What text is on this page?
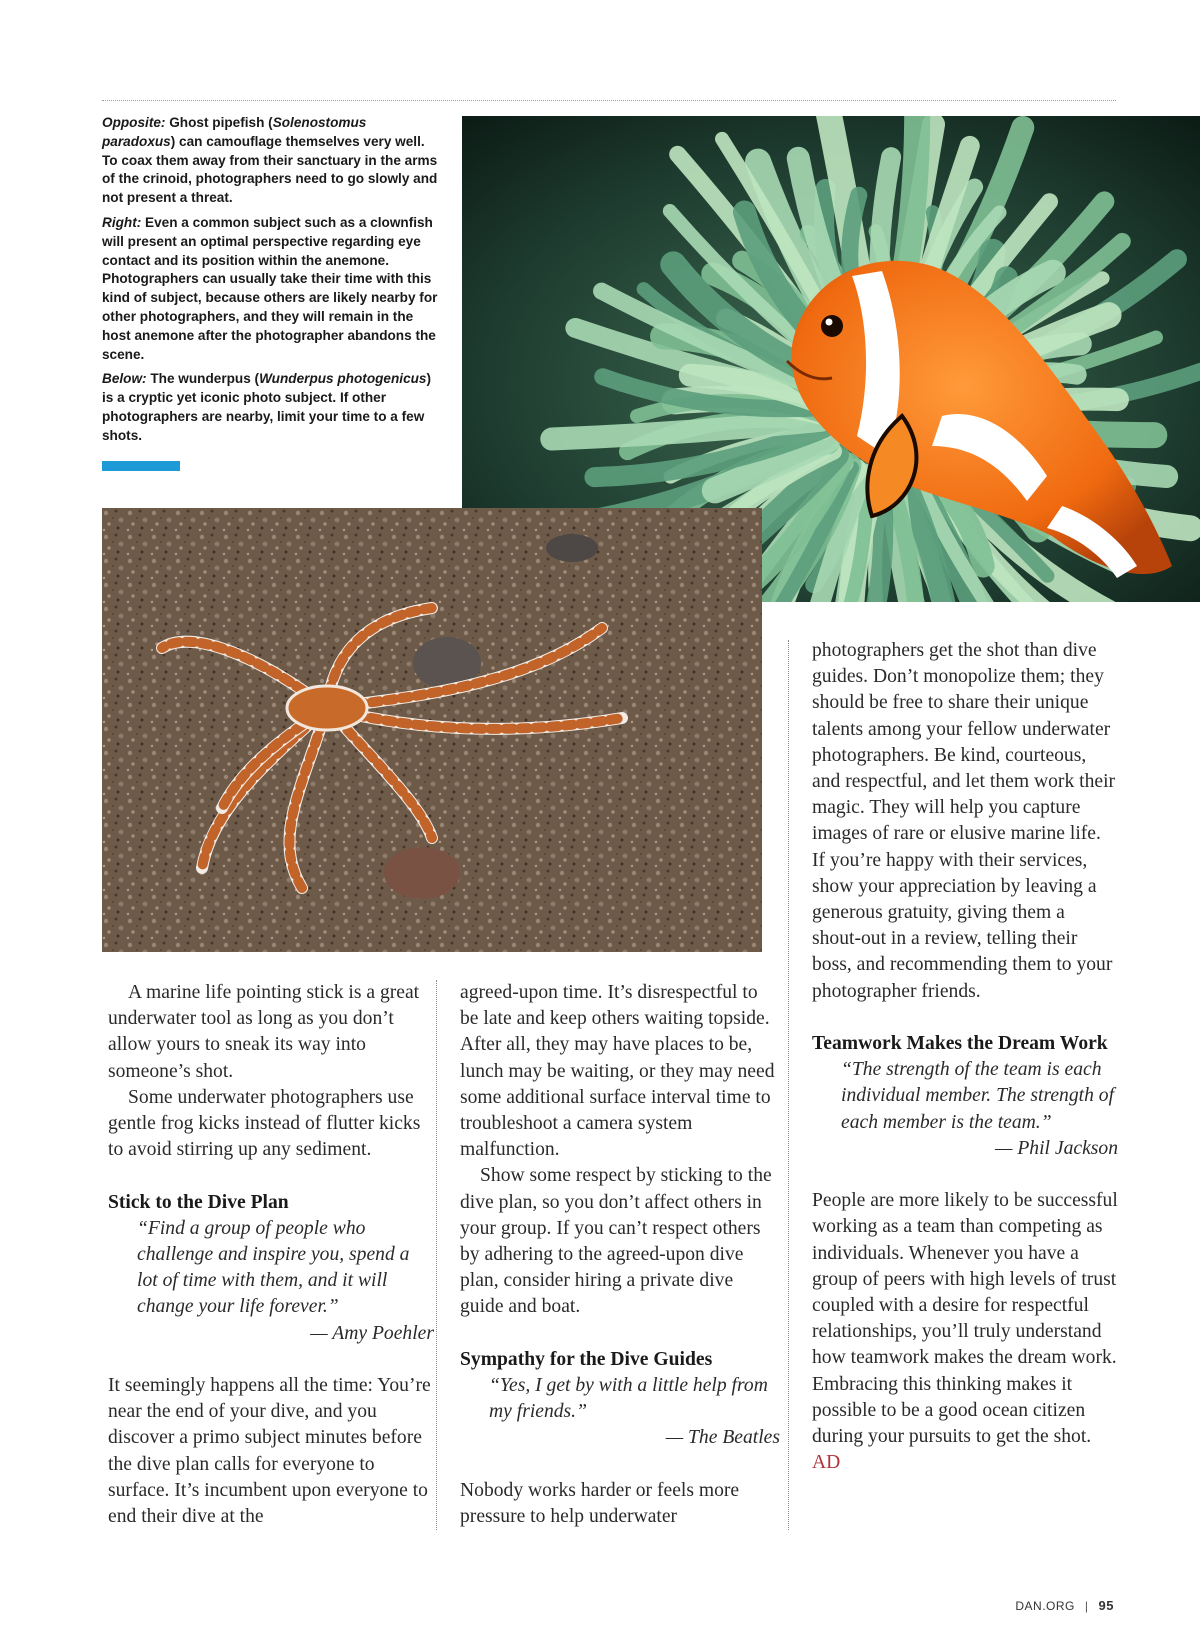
Opposite: Ghost pipefish (Solenostomus paradoxus) can camouflage themselves very well. To coax them away from their sanctuary in the arms of the crinoid, photographers need to go slowly and not present a threat.

Right: Even a common subject such as a clownfish will present an optimal perspective regarding eye contact and its position within the anemone. Photographers can usually take their time with this kind of subject, because others are likely nearby for other photographers, and they will remain in the host anemone after the photographer abandons the scene.

Below: The wunderpus (Wunderpus photogenicus) is a cryptic yet iconic photo subject. If other photographers are nearby, limit your time to a few shots.

A marine life pointing stick is a great underwater tool as long as you don’t allow yours to sneak its way into someone’s shot.

Some underwater photographers use gentle frog kicks instead of flutter kicks to avoid stirring up any sediment.

Stick to the Dive Plan

“Find a group of people who challenge and inspire you, spend a lot of time with them, and it will change your life forever.”

— Amy Poehler

It seemingly happens all the time: You’re near the end of your dive, and you discover a primo subject minutes before the dive plan calls for everyone to surface. It’s incumbent upon everyone to end their dive at the

agreed-upon time. It’s disrespectful to be late and keep others waiting topside. After all, they may have places to be, lunch may be waiting, or they may need some additional surface interval time to troubleshoot a camera system malfunction.

Show some respect by sticking to the dive plan, so you don’t affect others in your group. If you can’t respect others by adhering to the agreed-upon dive plan, consider hiring a private dive guide and boat.

Sympathy for the Dive Guides

“Yes, I get by with a little help from my friends.”

— The Beatles

Nobody works harder or feels more pressure to help underwater

photographers get the shot than dive guides. Don’t monopolize them; they should be free to share their unique talents among your fellow underwater photographers. Be kind, courteous, and respectful, and let them work their magic. They will help you capture images of rare or elusive marine life. If you’re happy with their services, show your appreciation by leaving a generous gratuity, giving them a shout-out in a review, telling their boss, and recommending them to your photographer friends.

Teamwork Makes the Dream Work

“The strength of the team is each individual member. The strength of each member is the team.”

— Phil Jackson

People are more likely to be successful working as a team than competing as individuals. Whenever you have a group of peers with high levels of trust coupled with a desire for respectful relationships, you’ll truly understand how teamwork makes the dream work. Embracing this thinking makes it possible to be a good ocean citizen during your pursuits to get the shot. AD

DAN.ORG | 95
